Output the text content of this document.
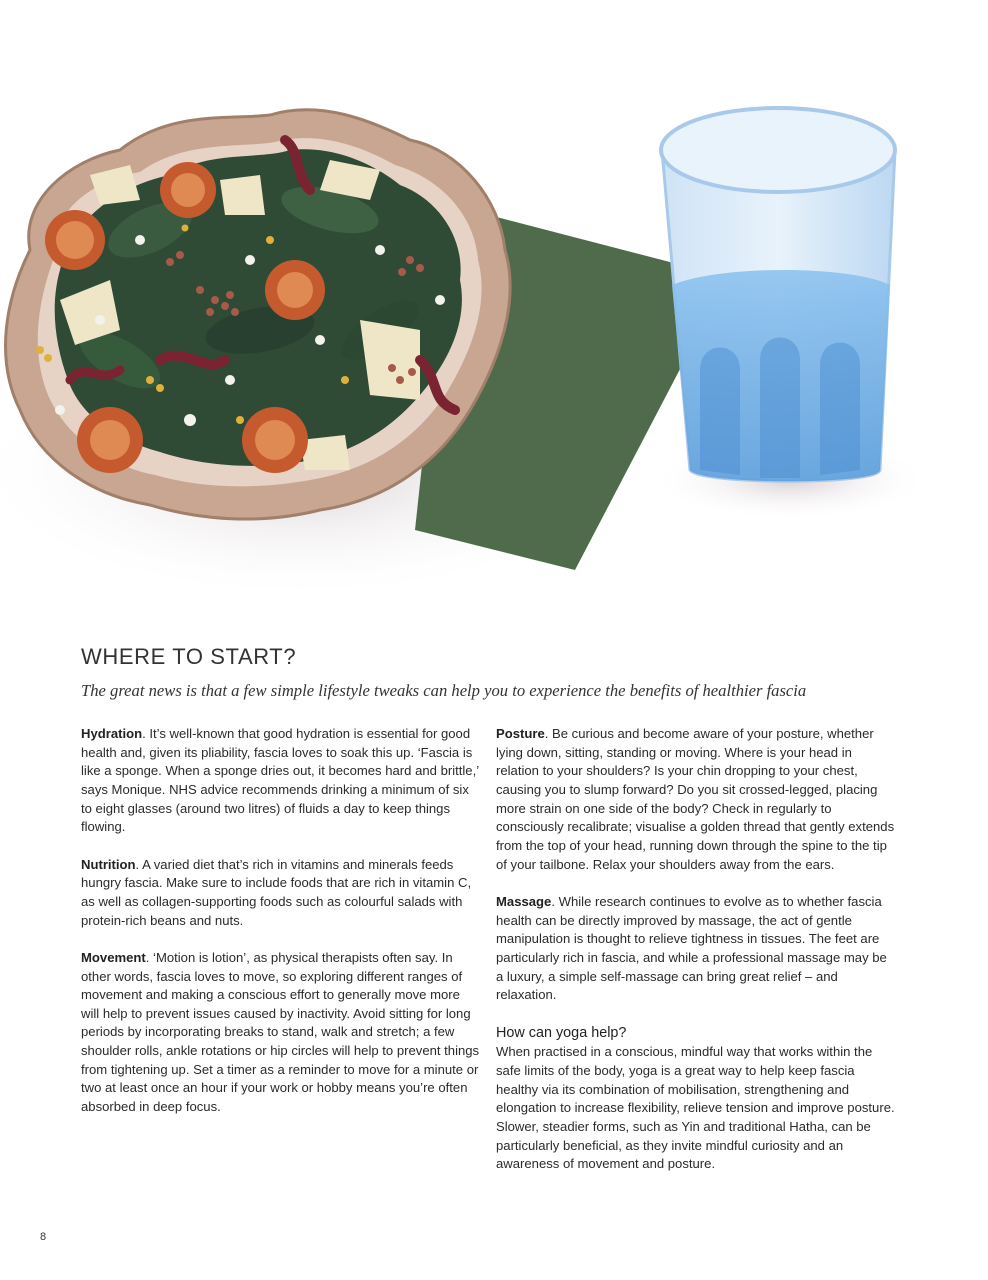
WHERE TO START?

The great news is that a few simple lifestyle tweaks can help you to experience the benefits of healthier fascia

Hydration. It’s well-known that good hydration is essential for good health and, given its pliability, fascia loves to soak this up. ‘Fascia is like a sponge. When a sponge dries out, it becomes hard and brittle,’ says Monique. NHS advice recommends drinking a minimum of six to eight glasses (around two litres) of fluids a day to keep things flowing.

Nutrition. A varied diet that’s rich in vitamins and minerals feeds hungry fascia. Make sure to include foods that are rich in vitamin C, as well as collagen-supporting foods such as colourful salads with protein-rich beans and nuts.

Movement. ‘Motion is lotion’, as physical therapists often say. In other words, fascia loves to move, so exploring different ranges of movement and making a conscious effort to generally move more will help to prevent issues caused by inactivity. Avoid sitting for long periods by incorporating breaks to stand, walk and stretch; a few shoulder rolls, ankle rotations or hip circles will help to prevent things from tightening up. Set a timer as a reminder to move for a minute or two at least once an hour if your work or hobby means you’re often absorbed in deep focus.

Posture. Be curious and become aware of your posture, whether lying down, sitting, standing or moving. Where is your head in relation to your shoulders? Is your chin dropping to your chest, causing you to slump forward? Do you sit crossed-legged, placing more strain on one side of the body? Check in regularly to consciously recalibrate; visualise a golden thread that gently extends from the top of your head, running down through the spine to the tip of your tailbone. Relax your shoulders away from the ears.

Massage. While research continues to evolve as to whether fascia health can be directly improved by massage, the act of gentle manipulation is thought to relieve tightness in tissues. The feet are particularly rich in fascia, and while a professional massage may be a luxury, a simple self-massage can bring great relief – and relaxation.

How can yoga help?

When practised in a conscious, mindful way that works within the safe limits of the body, yoga is a great way to help keep fascia healthy via its combination of mobilisation, strengthening and elongation to increase flexibility, relieve tension and improve posture. Slower, steadier forms, such as Yin and traditional Hatha, can be particularly beneficial, as they invite mindful curiosity and an awareness of movement and posture.

8
